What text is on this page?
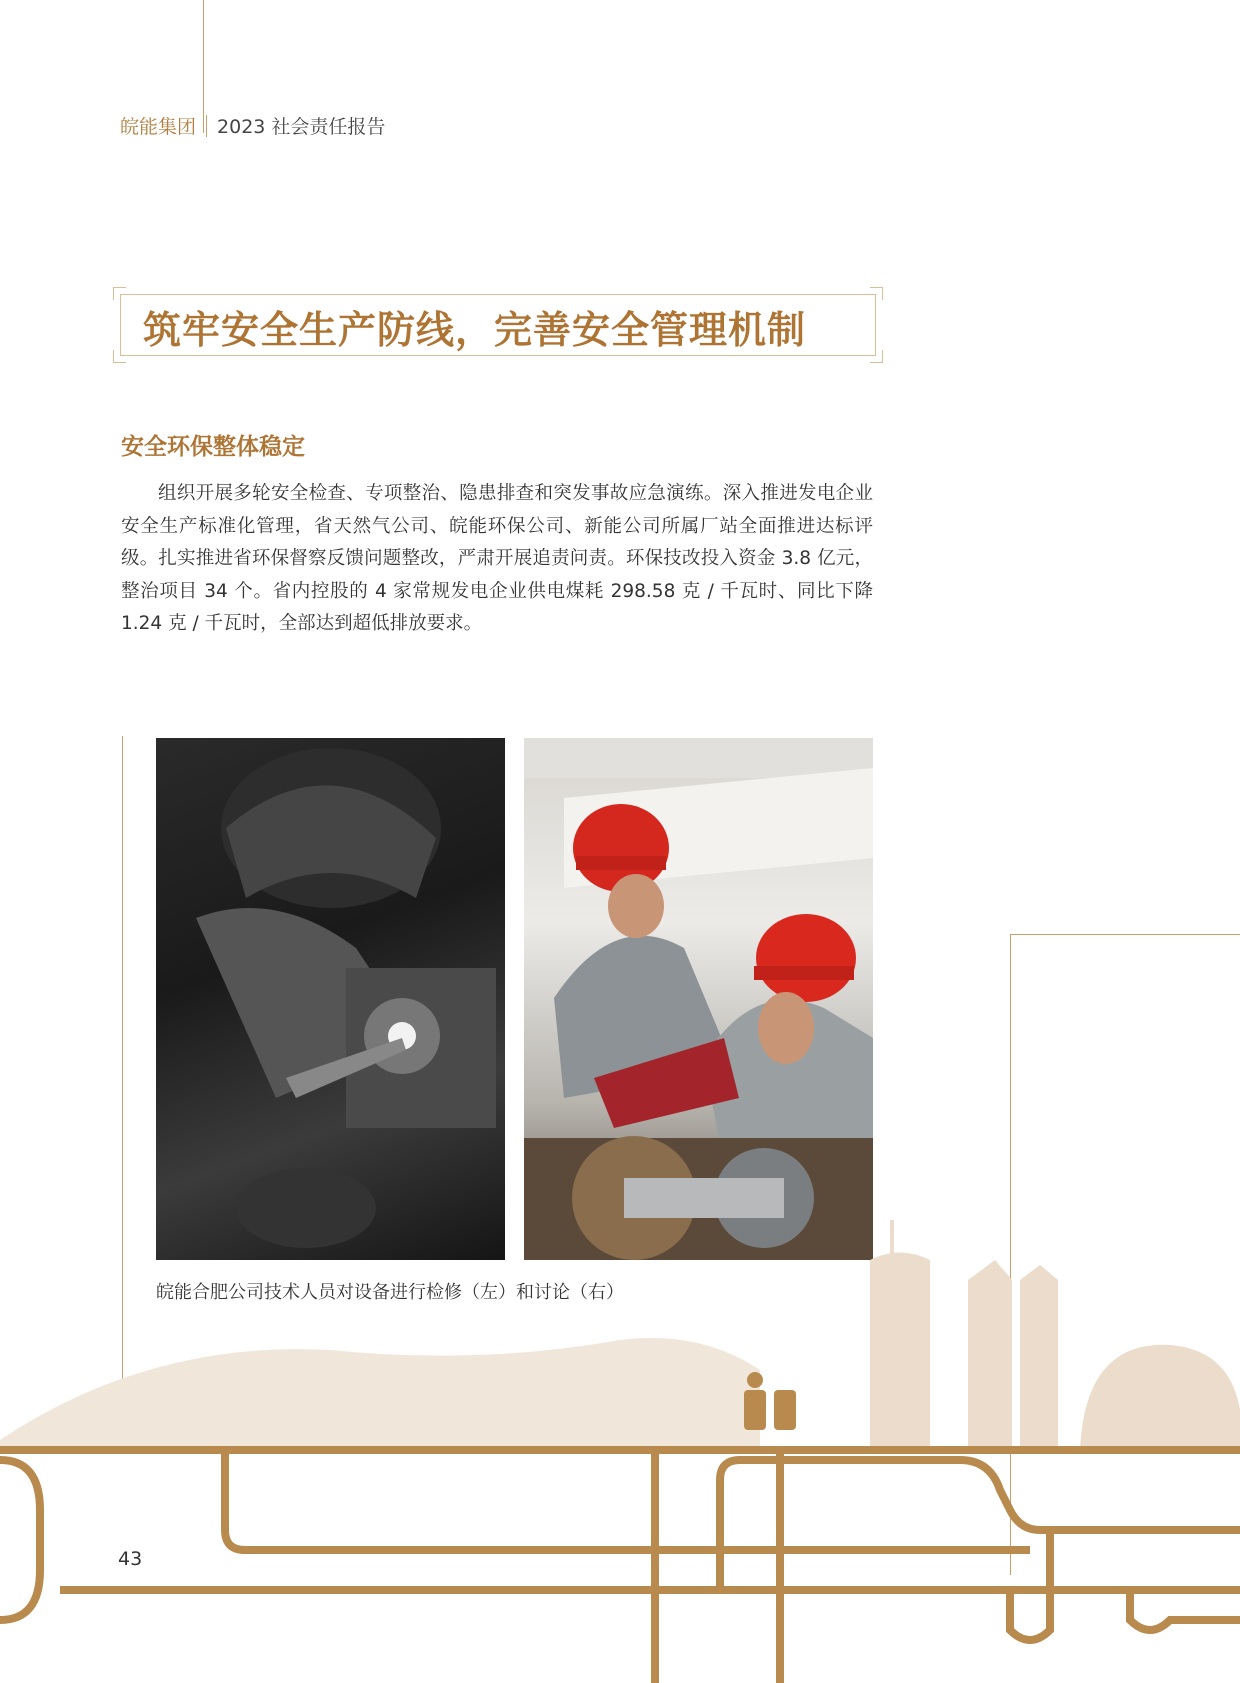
皖能集团 2023 社会责任报告
筑牢安全生产防线，完善安全管理机制
安全环保整体稳定
组织开展多轮安全检查、专项整治、隐患排查和突发事故应急演练。深入推进发电企业安全生产标准化管理，省天然气公司、皖能环保公司、新能公司所属厂站全面推进达标评级。扎实推进省环保督察反馈问题整改，严肃开展追责问责。环保技改投入资金 3.8 亿元，整治项目 34 个。省内控股的 4 家常规发电企业供电煤耗 298.58 克 / 千瓦时、同比下降 1.24 克 / 千瓦时，全部达到超低排放要求。
皖能合肥公司技术人员对设备进行检修（左）和讨论（右）
43
